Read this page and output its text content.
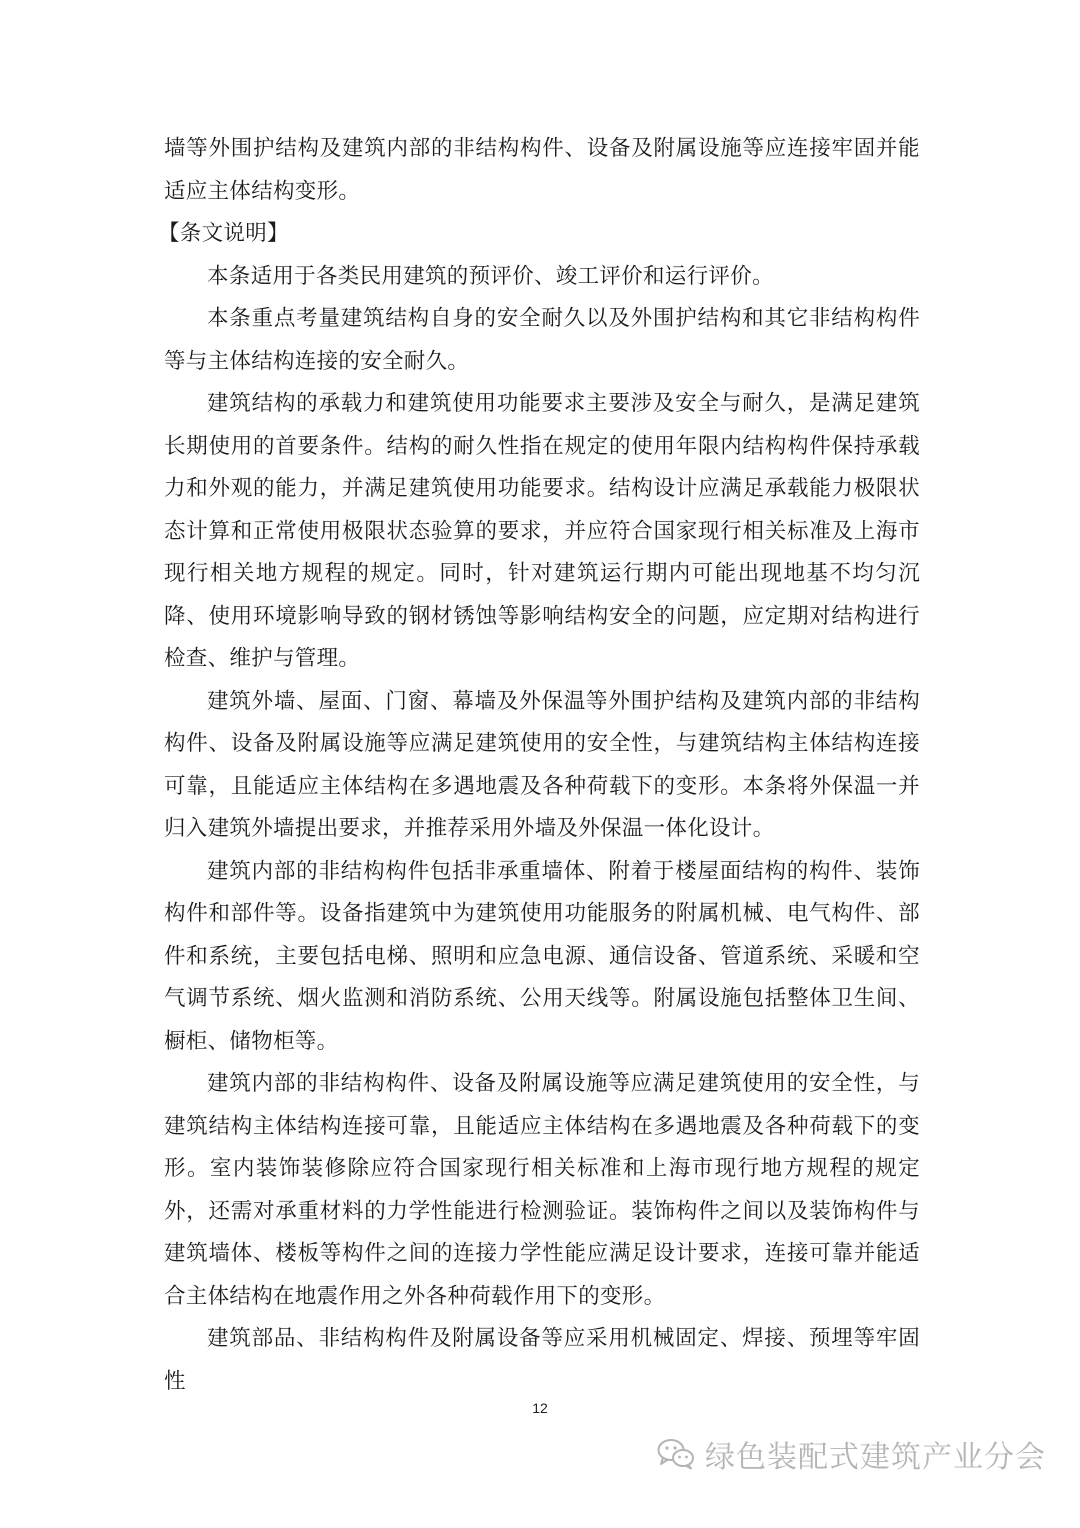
墙等外围护结构及建筑内部的非结构构件、设备及附属设施等应连接牢固并能适应主体结构变形。

【条文说明】

本条适用于各类民用建筑的预评价、竣工评价和运行评价。

本条重点考量建筑结构自身的安全耐久以及外围护结构和其它非结构构件等与主体结构连接的安全耐久。

建筑结构的承载力和建筑使用功能要求主要涉及安全与耐久，是满足建筑长期使用的首要条件。结构的耐久性指在规定的使用年限内结构构件保持承载力和外观的能力，并满足建筑使用功能要求。结构设计应满足承载能力极限状态计算和正常使用极限状态验算的要求，并应符合国家现行相关标准及上海市现行相关地方规程的规定。同时，针对建筑运行期内可能出现地基不均匀沉降、使用环境影响导致的钢材锈蚀等影响结构安全的问题，应定期对结构进行检查、维护与管理。

建筑外墙、屋面、门窗、幕墙及外保温等外围护结构及建筑内部的非结构构件、设备及附属设施等应满足建筑使用的安全性，与建筑结构主体结构连接可靠，且能适应主体结构在多遇地震及各种荷载下的变形。本条将外保温一并归入建筑外墙提出要求，并推荐采用外墙及外保温一体化设计。

建筑内部的非结构构件包括非承重墙体、附着于楼屋面结构的构件、装饰构件和部件等。设备指建筑中为建筑使用功能服务的附属机械、电气构件、部件和系统，主要包括电梯、照明和应急电源、通信设备、管道系统、采暖和空气调节系统、烟火监测和消防系统、公用天线等。附属设施包括整体卫生间、橱柜、储物柜等。

建筑内部的非结构构件、设备及附属设施等应满足建筑使用的安全性，与建筑结构主体结构连接可靠，且能适应主体结构在多遇地震及各种荷载下的变形。室内装饰装修除应符合国家现行相关标准和上海市现行地方规程的规定外，还需对承重材料的力学性能进行检测验证。装饰构件之间以及装饰构件与建筑墙体、楼板等构件之间的连接力学性能应满足设计要求，连接可靠并能适合主体结构在地震作用之外各种荷载作用下的变形。

建筑部品、非结构构件及附属设备等应采用机械固定、焊接、预埋等牢固性

12
绿色装配式建筑产业分会
